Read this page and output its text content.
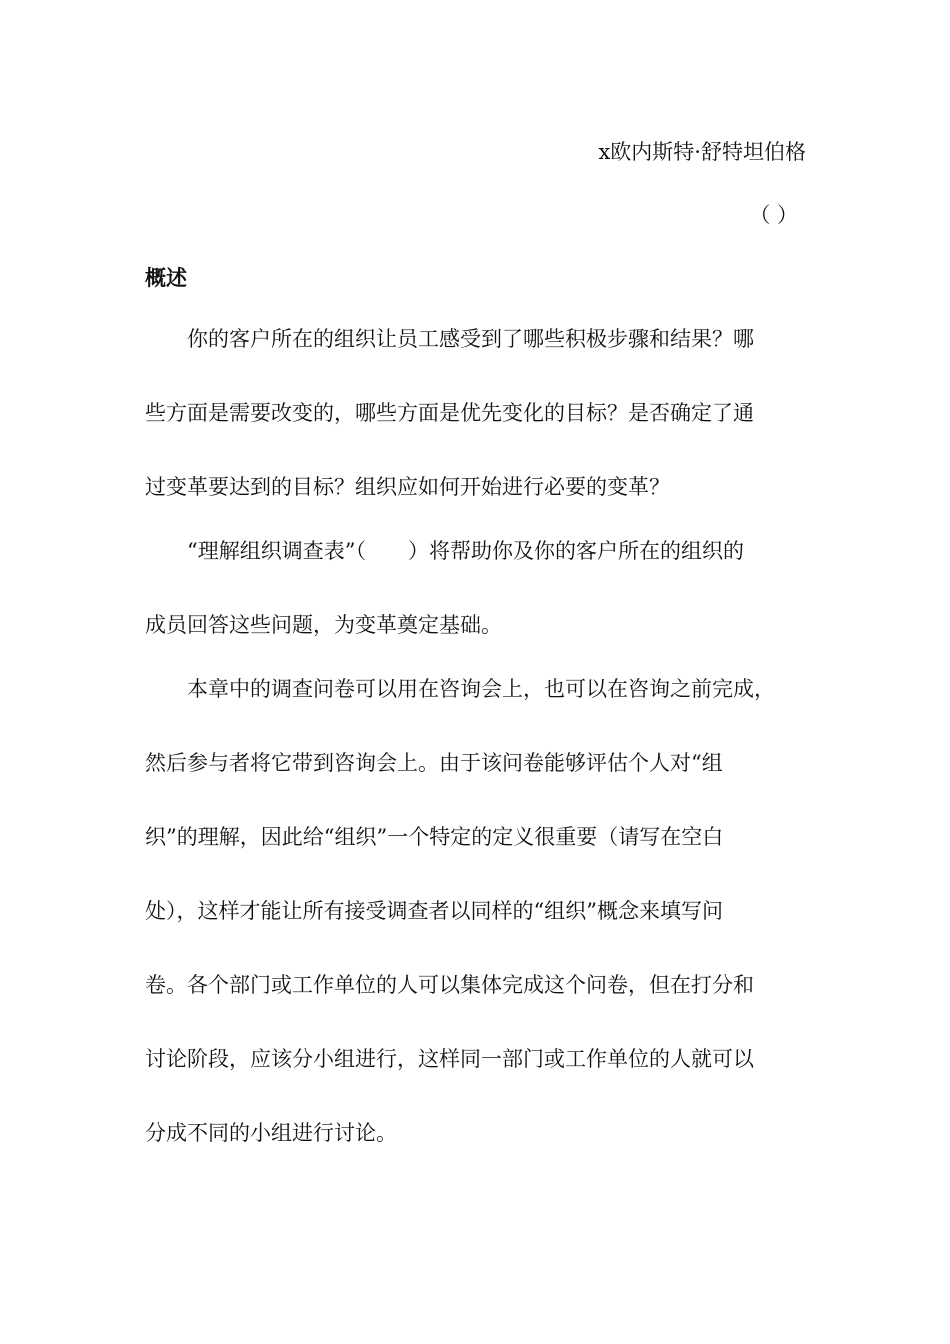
x欧内斯特·舒特坦伯格
（ ）
概述
你的客户所在的组织让员工感受到了哪些积极步骤和结果？哪
些方面是需要改变的，哪些方面是优先变化的目标？是否确定了通
过变革要达到的目标？组织应如何开始进行必要的变革？
“理解组织调查表”（　　）将帮助你及你的客户所在的组织的
成员回答这些问题，为变革奠定基础。
本章中的调查问卷可以用在咨询会上，也可以在咨询之前完成，
然后参与者将它带到咨询会上。由于该问卷能够评估个人对“组
织”的理解，因此给“组织”一个特定的定义很重要（请写在空白
处），这样才能让所有接受调查者以同样的“组织”概念来填写问
卷。各个部门或工作单位的人可以集体完成这个问卷，但在打分和
讨论阶段，应该分小组进行，这样同一部门或工作单位的人就可以
分成不同的小组进行讨论。
